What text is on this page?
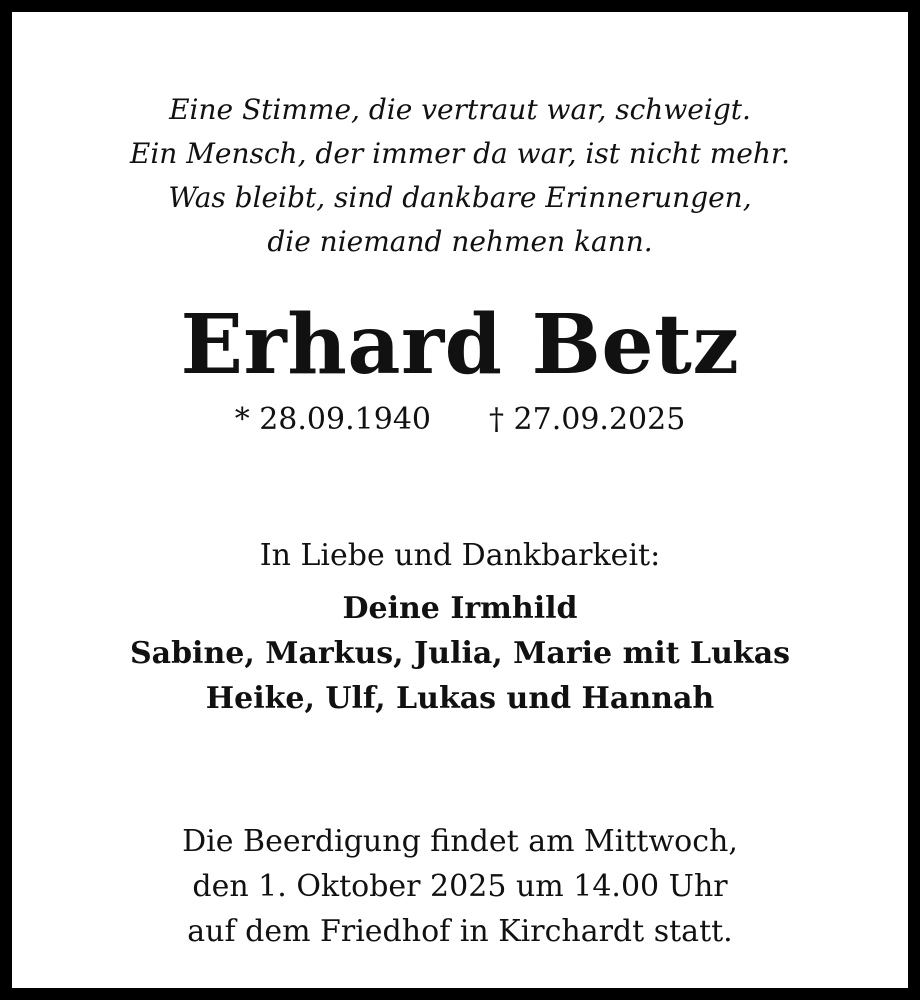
Eine Stimme, die vertraut war, schweigt.
Ein Mensch, der immer da war, ist nicht mehr.
Was bleibt, sind dankbare Erinnerungen,
die niemand nehmen kann.
Erhard Betz
* 28.09.1940 † 27.09.2025
In Liebe und Dankbarkeit:
Deine Irmhild
Sabine, Markus, Julia, Marie mit Lukas
Heike, Ulf, Lukas und Hannah
Die Beerdigung findet am Mittwoch,
den 1. Oktober 2025 um 14.00 Uhr
auf dem Friedhof in Kirchardt statt.
